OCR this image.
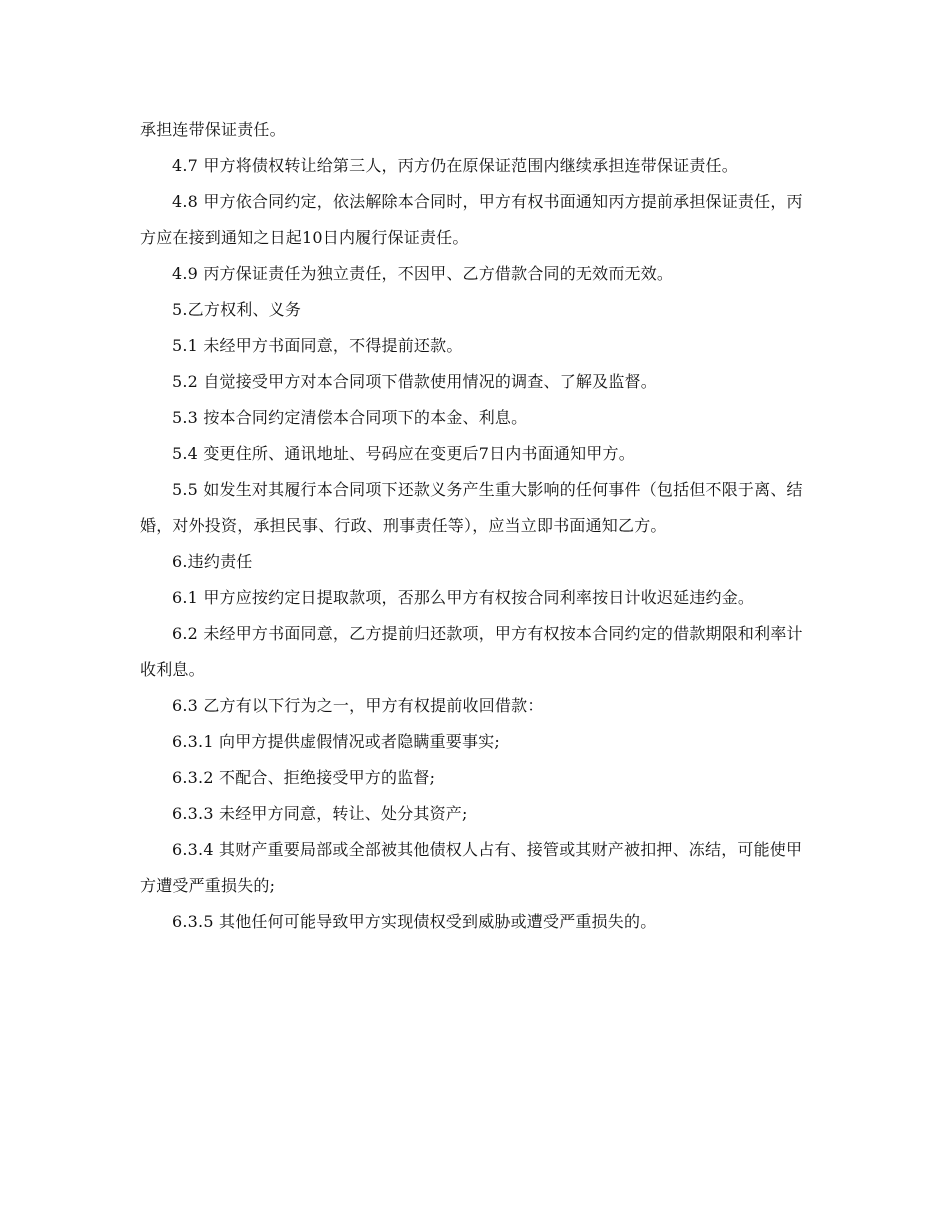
承担连带保证责任。

4.7 甲方将债权转让给第三人，丙方仍在原保证范围内继续承担连带保证责任。

4.8 甲方依合同约定，依法解除本合同时，甲方有权书面通知丙方提前承担保证责任，丙方应在接到通知之日起10日内履行保证责任。

4.9 丙方保证责任为独立责任，不因甲、乙方借款合同的无效而无效。

5.乙方权利、义务

5.1 未经甲方书面同意，不得提前还款。

5.2 自觉接受甲方对本合同项下借款使用情况的调查、了解及监督。

5.3 按本合同约定清偿本合同项下的本金、利息。

5.4 变更住所、通讯地址、号码应在变更后7日内书面通知甲方。

5.5 如发生对其履行本合同项下还款义务产生重大影响的任何事件（包括但不限于离、结婚，对外投资，承担民事、行政、刑事责任等），应当立即书面通知乙方。

6.违约责任

6.1 甲方应按约定日提取款项，否那么甲方有权按合同利率按日计收迟延违约金。

6.2 未经甲方书面同意，乙方提前归还款项，甲方有权按本合同约定的借款期限和利率计收利息。

6.3 乙方有以下行为之一，甲方有权提前收回借款：

6.3.1 向甲方提供虚假情况或者隐瞒重要事实;

6.3.2 不配合、拒绝接受甲方的监督;

6.3.3 未经甲方同意，转让、处分其资产;

6.3.4 其财产重要局部或全部被其他债权人占有、接管或其财产被扣押、冻结，可能使甲方遭受严重损失的;

6.3.5 其他任何可能导致甲方实现债权受到威胁或遭受严重损失的。
